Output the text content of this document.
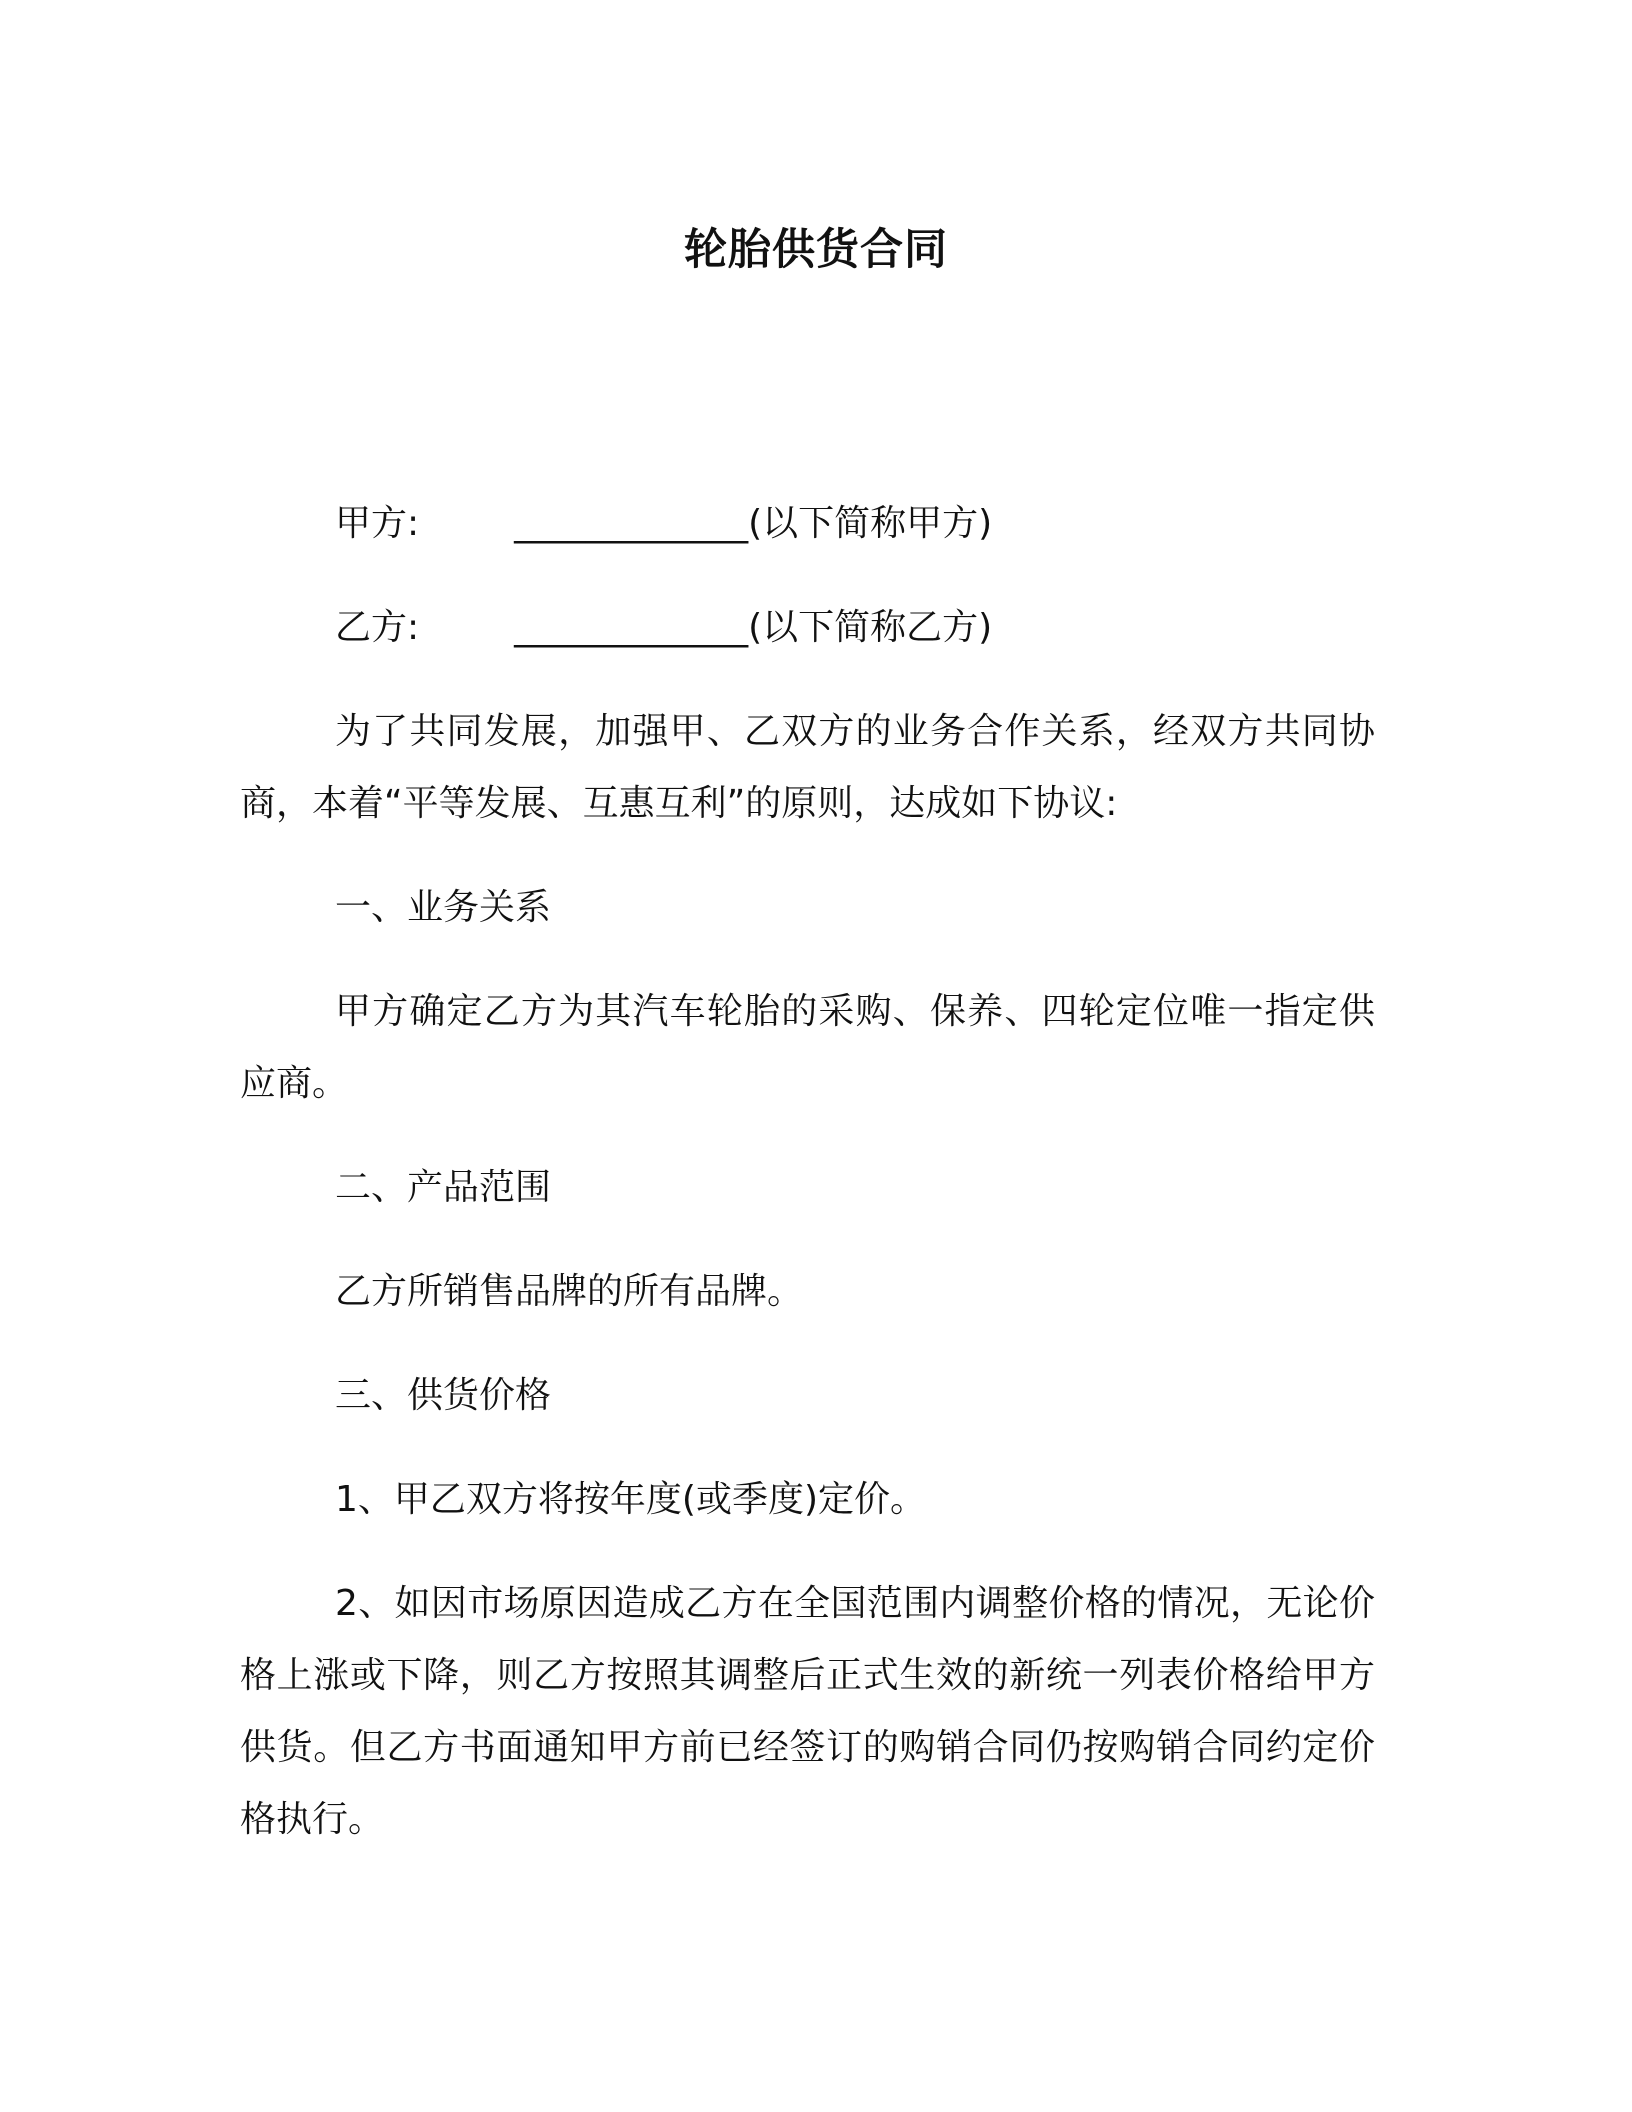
轮胎供货合同

甲方:	_____________(以下简称甲方)

乙方:	_____________(以下简称乙方)

为了共同发展，加强甲、乙双方的业务合作关系，经双方共同协商，本着“平等发展、互惠互利”的原则，达成如下协议:

一、业务关系

甲方确定乙方为其汽车轮胎的采购、保养、四轮定位唯一指定供应商。

二、产品范围

乙方所销售品牌的所有品牌。

三、供货价格

1、甲乙双方将按年度(或季度)定价。

2、如因市场原因造成乙方在全国范围内调整价格的情况，无论价格上涨或下降，则乙方按照其调整后正式生效的新统一列表价格给甲方供货。但乙方书面通知甲方前已经签订的购销合同仍按购销合同约定价格执行。
